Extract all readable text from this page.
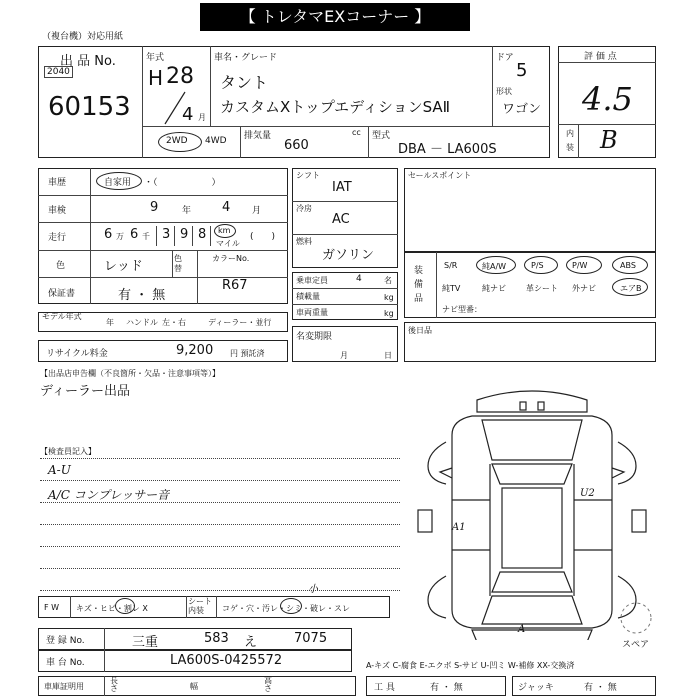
【 トレタマEXコーナー 】
（複台機）対応用紙
出 品 No.
2040
60153
年式
H 28
4 月
車名・グレード
タント
カスタムXトップエディションSAⅡ
ドア
5
形状
ワゴン
2WD 4WD 排気量
660
cc 型式
DBA － LA600S
評 価 点
4.5
内
装 B
車歴	自家用 ・（　　　　　　）
車検	9	年 4 月
走行	6 万 6 千 3 9 8 km
マイル
(　　)
色	レッド
色替
カラーNo.
R67
保証書	有 ・ 無
モデル年式
年 ハンドル 左・右	ディーラー・並行
リサイクル料金	9,200 円 預託済
シフト
IAT
冷房
AC
燃料
ガソリン
乗車定員	4	名
積載量	kg
車両重量	kg
名変期限
月	日
セールスポイント
装備品
S/R	純A/W	P/S	P/W	ABS
純TV	純ナビ	革シート 外ナビ	エアB
ナビ型番：
後日品
【出品店申告欄（不良箇所・欠品・注意事項等）】
ディーラー出品
【検査員記入】
A-U
A/C コンプレッサー音	U2
A1
A
スペア
F W キズ・ヒビ・割レ X
シート内装	コゲ・穴・汚レ・シミ・破レ・スレ
小
登 録 No.	三重	583 え	7075
車 台 No.	LA600S-0425572	A-キズ C-腐食 E-エクボ S-サビ U-凹ミ W-補修 XX-交換済
車庫証明用
長さ	幅
高さ	工 具	有 ・ 無	ジャッキ	有 ・ 無
